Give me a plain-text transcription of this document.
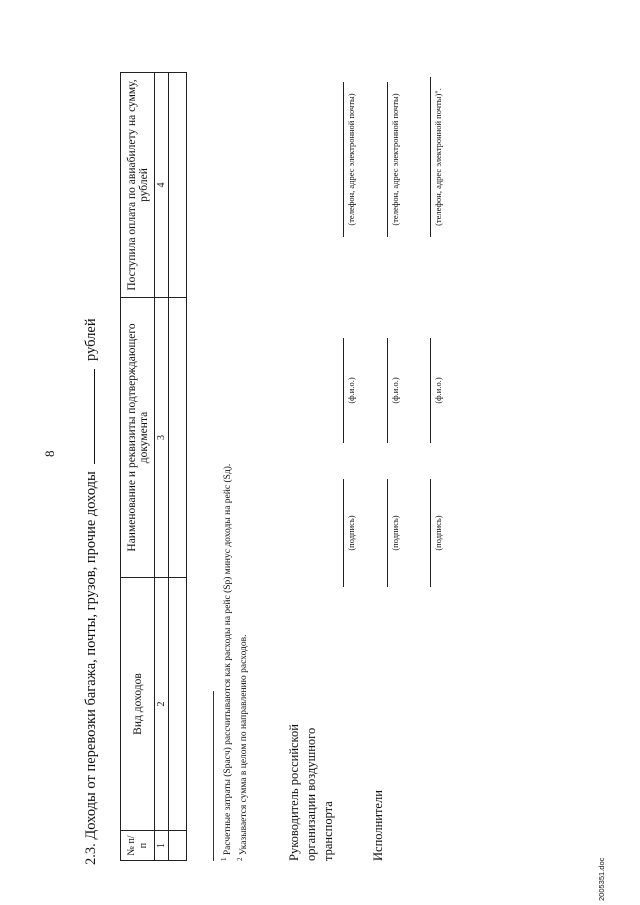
8
2.3. Доходы от перевозки багажа, почты, грузов, прочие доходы  рублей
№ п/п	Вид доходов	Наименование и реквизиты подтверждающего документа	Поступила оплата по авиабилету на сумму, рублей
1	2	3	4

$^1$ Расчетные затраты (Spacч) рассчитываются как расходы на рейс (Sp) минус доходы на рейс (Sд).
$^2$ Указывается сумма в целом по направлению расходов.	Руководитель российской организации воздушного транспорта	Исполнители
(подпись)
(ф.и.о.)
(телефон, адрес электронной почты)
(подпись)
(ф.и.о.)
(телефон, адрес электронной почты)
(подпись)
(ф.и.о.)
(телефон, адрес электронной почты)".
2005351.doc
